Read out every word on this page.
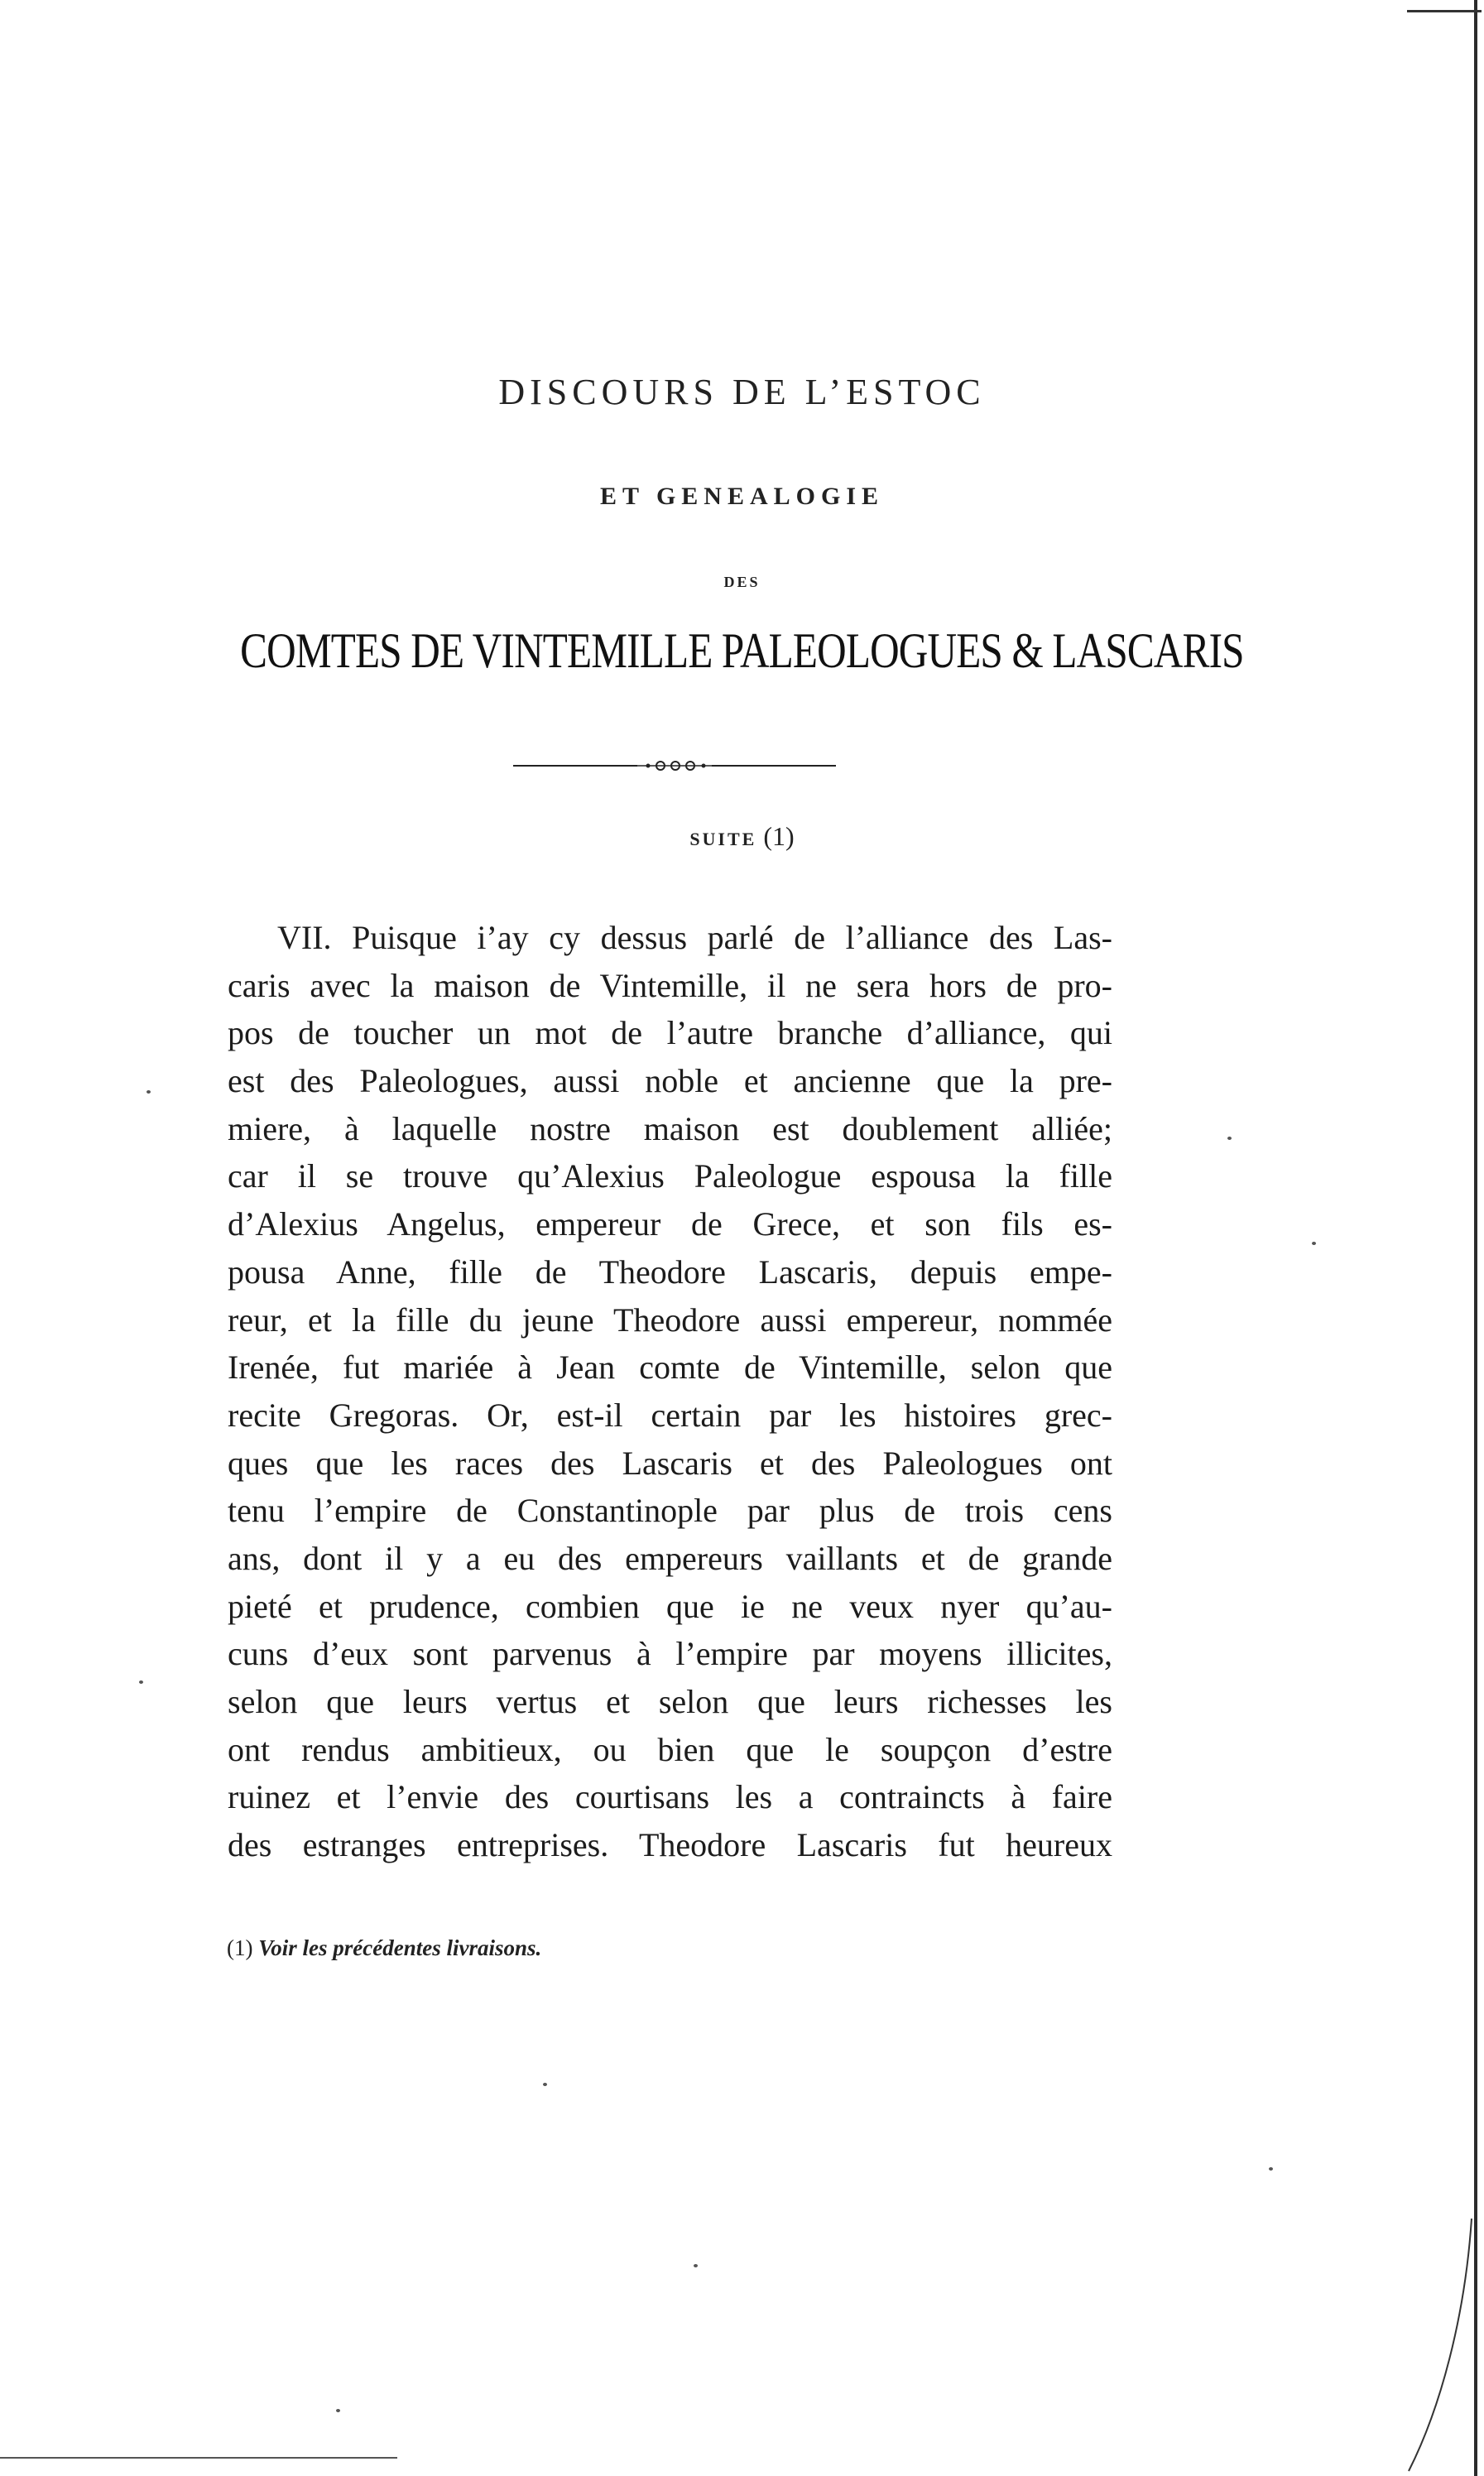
DISCOURS DE L’ESTOC
ET GENEALOGIE
DES
COMTES DE VINTEMILLE PALEOLOGUES & LASCARIS
SUITE (1)
VII. Puisque i’ay cy dessus parlé de l’alliance des Las-
caris avec la maison de Vintemille, il ne sera hors de pro-
pos de toucher un mot de l’autre branche d’alliance, qui
est des Paleologues, aussi noble et ancienne que la pre-
miere, à laquelle nostre maison est doublement alliée;
car il se trouve qu’Alexius Paleologue espousa la fille
d’Alexius Angelus, empereur de Grece, et son fils es-
pousa Anne, fille de Theodore Lascaris, depuis empe-
reur, et la fille du jeune Theodore aussi empereur, nommée
Irenée, fut mariée à Jean comte de Vintemille, selon que
recite Gregoras. Or, est-il certain par les histoires grec-
ques que les races des Lascaris et des Paleologues ont
tenu l’empire de Constantinople par plus de trois cens
ans, dont il y a eu des empereurs vaillants et de grande
pieté et prudence, combien que ie ne veux nyer qu’au-
cuns d’eux sont parvenus à l’empire par moyens illicites,
selon que leurs vertus et selon que leurs richesses les
ont rendus ambitieux, ou bien que le soupçon d’estre
ruinez et l’envie des courtisans les a contraincts à faire
des estranges entreprises. Theodore Lascaris fut heureux
(1) Voir les précédentes livraisons.
